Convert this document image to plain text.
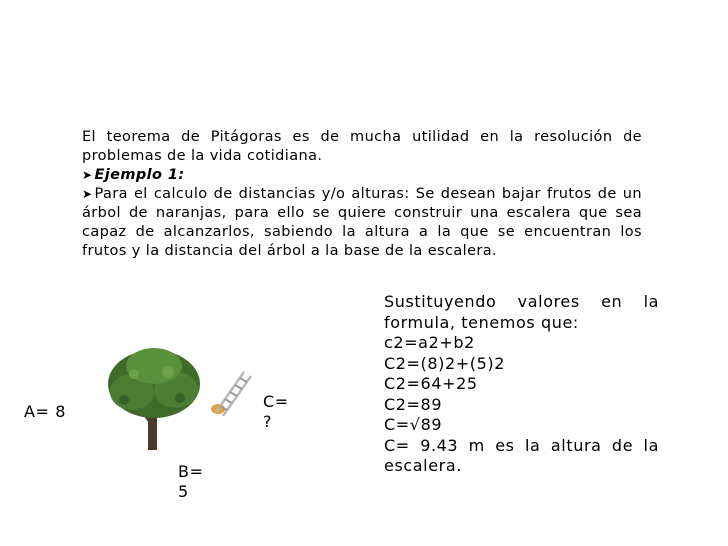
El teorema de Pitágoras es de mucha utilidad en la resolución de problemas de la vida cotidiana.

➤ Ejemplo 1:

➤ Para el calculo de distancias y/o alturas: Se desean bajar frutos de un árbol de naranjas, para ello se quiere construir una escalera que sea capaz de alcanzarlos, sabiendo la altura a la que se encuentran los frutos y la distancia del árbol a la base de la escalera.

A= 8
C= ?
B= 5
Sustituyendo valores en la
formula, tenemos que:
c2=a2+b2
C2=(8)2+(5)2
C2=64+25
C2=89
C=√89
C= 9.43 m es la altura de la escalera.
